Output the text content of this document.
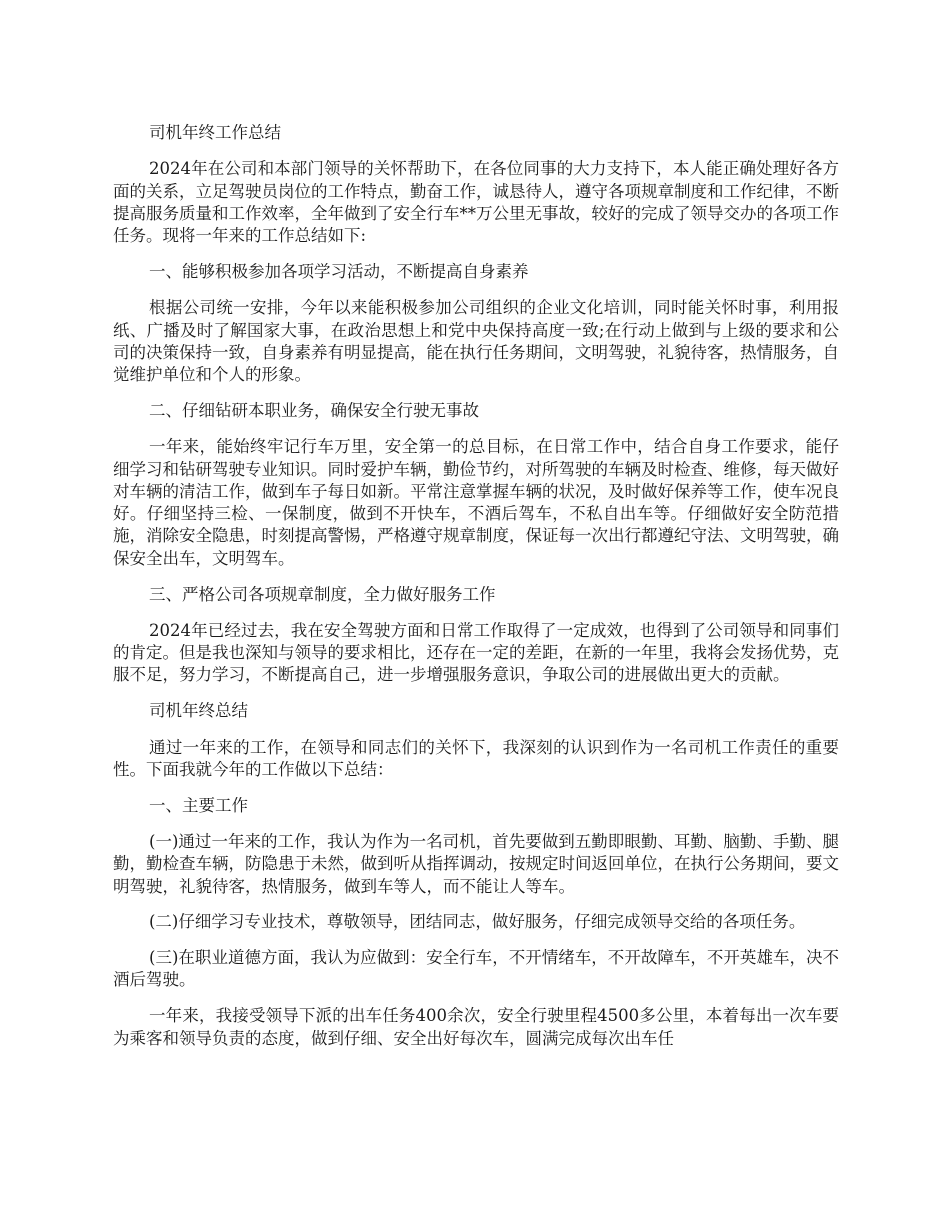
司机年终工作总结

2024年在公司和本部门领导的关怀帮助下，在各位同事的大力支持下，本人能正确处理好各方面的关系，立足驾驶员岗位的工作特点，勤奋工作，诚恳待人，遵守各项规章制度和工作纪律，不断提高服务质量和工作效率，全年做到了安全行车**万公里无事故，较好的完成了领导交办的各项工作任务。现将一年来的工作总结如下:

一、能够积极参加各项学习活动，不断提高自身素养

根据公司统一安排，今年以来能积极参加公司组织的企业文化培训，同时能关怀时事，利用报纸、广播及时了解国家大事，在政治思想上和党中央保持高度一致;在行动上做到与上级的要求和公司的决策保持一致，自身素养有明显提高，能在执行任务期间，文明驾驶，礼貌待客，热情服务，自觉维护单位和个人的形象。

二、仔细钻研本职业务，确保安全行驶无事故

一年来，能始终牢记行车万里，安全第一的总目标，在日常工作中，结合自身工作要求，能仔细学习和钻研驾驶专业知识。同时爱护车辆，勤俭节约，对所驾驶的车辆及时检查、维修，每天做好对车辆的清洁工作，做到车子每日如新。平常注意掌握车辆的状况，及时做好保养等工作，使车况良好。仔细坚持三检、一保制度，做到不开快车，不酒后驾车，不私自出车等。仔细做好安全防范措施，消除安全隐患，时刻提高警惕，严格遵守规章制度，保证每一次出行都遵纪守法、文明驾驶，确保安全出车，文明驾车。

三、严格公司各项规章制度，全力做好服务工作

2024年已经过去，我在安全驾驶方面和日常工作取得了一定成效，也得到了公司领导和同事们的肯定。但是我也深知与领导的要求相比，还存在一定的差距，在新的一年里，我将会发扬优势，克服不足，努力学习，不断提高自己，进一步增强服务意识，争取公司的进展做出更大的贡献。

司机年终总结

通过一年来的工作，在领导和同志们的关怀下，我深刻的认识到作为一名司机工作责任的重要性。下面我就今年的工作做以下总结：

一、主要工作

(一)通过一年来的工作，我认为作为一名司机，首先要做到五勤即眼勤、耳勤、脑勤、手勤、腿勤，勤检查车辆，防隐患于未然，做到听从指挥调动，按规定时间返回单位，在执行公务期间，要文明驾驶，礼貌待客，热情服务，做到车等人，而不能让人等车。

(二)仔细学习专业技术，尊敬领导，团结同志，做好服务，仔细完成领导交给的各项任务。

(三)在职业道德方面，我认为应做到：安全行车，不开情绪车，不开故障车，不开英雄车，决不酒后驾驶。

一年来，我接受领导下派的出车任务400余次，安全行驶里程4500多公里，本着每出一次车要为乘客和领导负责的态度，做到仔细、安全出好每次车，圆满完成每次出车任
